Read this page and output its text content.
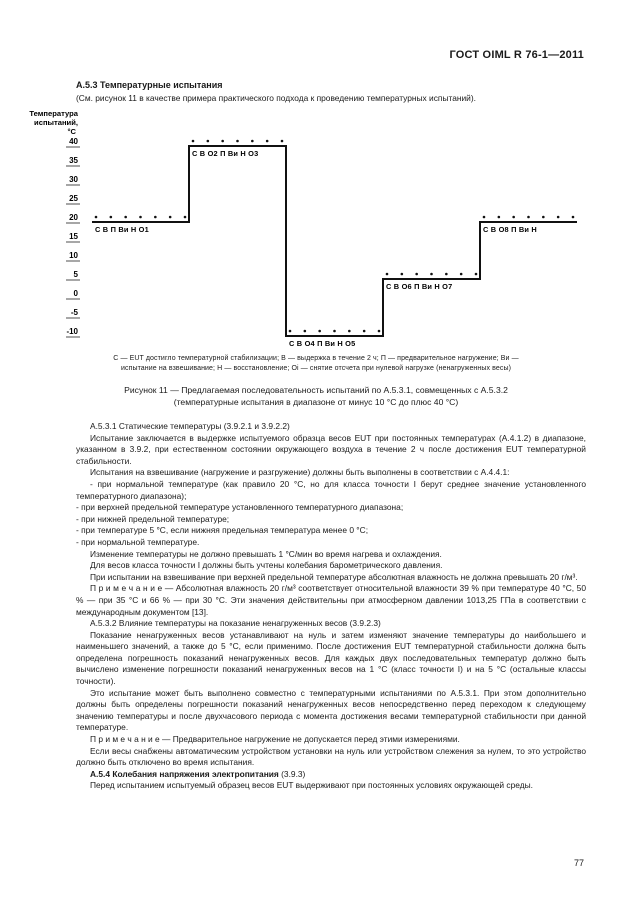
ГОСТ OIML R 76-1—2011
А.5.3 Температурные испытания
(См. рисунок 11 в качестве примера практического подхода к проведению температурных испытаний).
Температура
испытаний,
°С
40
35
30
25
20
15
10
5
0
-5
-10
С В П Ви Н О1
С В О2 П Ви Н О3
С В О4 П Ви Н О5
С В О6 П Ви Н О7
С В О8 П Ви Н
С — EUT достигло температурной стабилизации; В — выдержка в течение 2 ч; П — предварительное нагружение; Ви —
испытание на взвешивание; Н — восстановление; Oi — снятие отсчета при нулевой нагрузке (ненагруженных весы)
Рисунок 11 — Предлагаемая последовательность испытаний по А.5.3.1, совмещенных с А.5.3.2
(температурные испытания в диапазоне от минус 10 °С до плюс 40 °С)

А.5.3.1 Статические температуры (3.9.2.1 и 3.9.2.2)

Испытание заключается в выдержке испытуемого образца весов EUT при постоянных температурах (А.4.1.2) в диапазоне, указанном в 3.9.2, при естественном состоянии окружающего воздуха в течение 2 ч после достижения EUT температурной стабильности.

Испытания на взвешивание (нагружение и разгружение) должны быть выполнены в соответствии с А.4.4.1:

- при нормальной температуре (как правило 20 °С, но для класса точности I берут среднее значение установленного температурного диапазона);

- при верхней предельной температуре установленного температурного диапазона;

- при нижней предельной температуре;

- при температуре 5 °С, если нижняя предельная температура менее 0 °С;

- при нормальной температуре.

Изменение температуры не должно превышать 1 °С/мин во время нагрева и охлаждения.

Для весов класса точности I должны быть учтены колебания барометрического давления.

При испытании на взвешивание при верхней предельной температуре абсолютная влажность не должна превышать 20 г/м³.

П р и м е ч а н и е — Абсолютная влажность 20 г/м³ соответствует относительной влажности 39 % при температуре 40 °С, 50 % — при 35 °С и 66 % — при 30 °С. Эти значения действительны при атмосферном давлении 1013,25 ГПа в соответствии с международным документом [13].

А.5.3.2 Влияние температуры на показание ненагруженных весов (3.9.2.3)

Показание ненагруженных весов устанавливают на нуль и затем изменяют значение температуры до наибольшего и наименьшего значений, а также до 5 °С, если применимо. После достижения EUT температурной стабильности должна быть определена погрешность показаний ненагруженных весов. Для каждых двух последовательных температур должно быть вычислено изменение погрешности показаний ненагруженных весов на 1 °С (класс точности I) и на 5 °С (остальные классы точности).

Это испытание может быть выполнено совместно с температурными испытаниями по А.5.3.1. При этом дополнительно должны быть определены погрешности показаний ненагруженных весов непосредственно перед переходом к следующему значению температуры и после двухчасового периода с момента достижения весами температурной стабильности при данной температуре.

П р и м е ч а н и е — Предварительное нагружение не допускается перед этими измерениями.

Если весы снабжены автоматическим устройством установки на нуль или устройством слежения за нулем, то это устройство должно быть отключено во время испытания.

А.5.4 Колебания напряжения электропитания (3.9.3)

Перед испытанием испытуемый образец весов EUT выдерживают при постоянных условиях окружающей среды.

77
